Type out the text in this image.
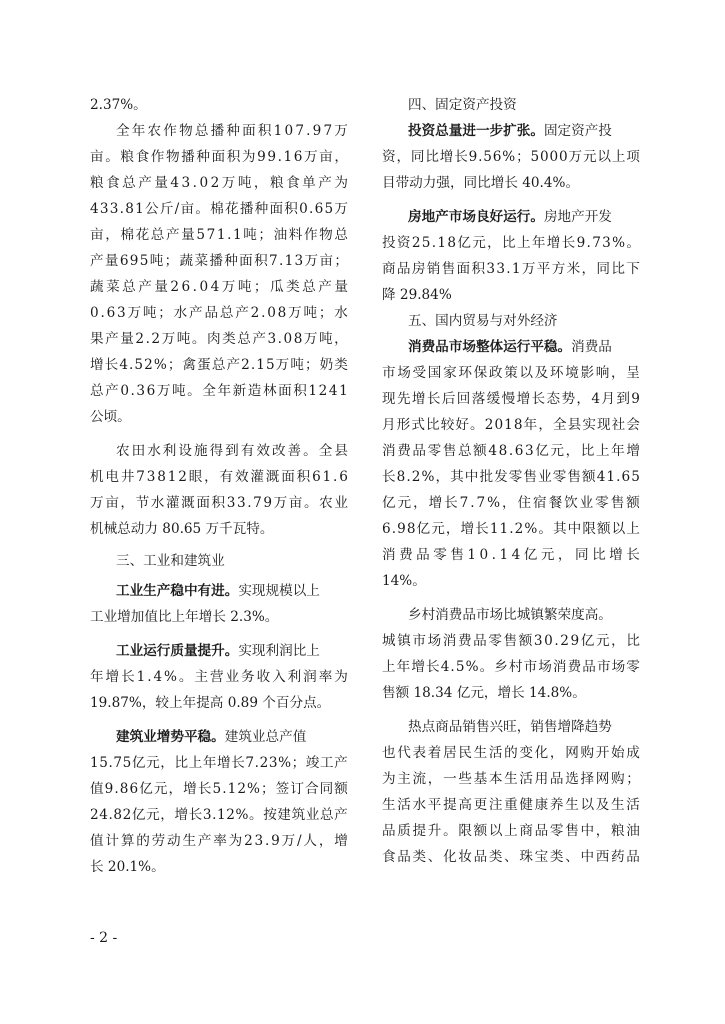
2.37%。
全 年 农 作 物 总 播 种 面 积 1 0 7 . 9 7 万
亩 。 粮 食 作 物 播 种 面 积 为 9 9 . 1 6 万 亩 ，
粮 食 总 产 量 4 3 . 0 2 万 吨 ， 粮 食 单 产 为
4 3 3 . 8 1 公 斤 / 亩 。 棉 花 播 种 面 积 0 . 6 5 万
亩 ， 棉 花 总 产 量 5 7 1 . 1 吨 ； 油 料 作 物 总
产 量 6 9 5 吨 ； 蔬 菜 播 种 面 积 7 . 1 3 万 亩 ；
蔬 菜 总 产 量 2 6 . 0 4 万 吨 ； 瓜 类 总 产 量
0 . 6 3 万 吨 ； 水 产 品 总 产 2 . 0 8 万 吨 ； 水
果 产 量 2 . 2 万 吨 。 肉 类 总 产 3 . 0 8 万 吨 ，
增 长 4 . 5 2 % ； 禽 蛋 总 产 2 . 1 5 万 吨 ； 奶 类
总 产 0 . 3 6 万 吨 。 全 年 新 造 林 面 积 1 2 4 1
公顷。
农 田 水 利 设 施 得 到 有 效 改 善 。 全 县
机 电 井 7 3 8 1 2 眼 ， 有 效 灌 溉 面 积 6 1 . 6
万 亩 ， 节 水 灌 溉 面 积 3 3 . 7 9 万 亩 。 农 业
机械总动力 80.65 万千瓦特。
三、工业和建筑业
工业生产稳中有进。 实现规模以上
工业增加值比上年增长 2.3%。
工业运行质量提升。 实现利润比上
年 增 长 1 . 4 % 。 主 营 业 务 收 入 利 润 率 为
19.87%，较上年提高 0.89 个百分点。
建筑业增势平稳。 建筑业总产值
1 5 . 7 5 亿 元 ， 比 上 年 增 长 7 . 2 3 % ； 竣 工 产
值 9 . 8 6 亿 元 ， 增 长 5 . 1 2 % ； 签 订 合 同 额
2 4 . 8 2 亿 元 ， 增 长 3 . 1 2 % 。 按 建 筑 业 总 产
值 计 算 的 劳 动 生 产 率 为 2 3 . 9 万 / 人 ， 增
长 20.1%。
四、固定资产投资
投资总量进一步扩张。 固定资产投
资 ， 同 比 增 长 9 . 5 6 % ； 5 0 0 0 万 元 以 上 项
目带动力强，同比增长 40.4%。
房地产市场良好运行。 房地产开发
投 资 2 5 . 1 8 亿 元 ， 比 上 年 增 长 9 . 7 3 % 。
商 品 房 销 售 面 积 3 3 . 1 万 平 方 米 ， 同 比 下
降 29.84%
五、国内贸易与对外经济
消费品市场整体运行平稳。 消费品
市 场 受 国 家 环 保 政 策 以 及 环 境 影 响 ， 呈
现 先 增 长 后 回 落 缓 慢 增 长 态 势 ， 4 月 到 9
月 形 式 比 较 好 。 2 0 1 8 年 ， 全 县 实 现 社 会
消 费 品 零 售 总 额 4 8 . 6 3 亿 元 ， 比 上 年 增
长 8 . 2 % ， 其 中 批 发 零 售 业 零 售 额 4 1 . 6 5
亿 元 ， 增 长 7 . 7 % ， 住 宿 餐 饮 业 零 售 额
6 . 9 8 亿 元 ， 增 长 1 1 . 2 % 。 其 中 限 额 以 上
消 费 品 零 售 1 0 . 1 4 亿 元 ， 同 比 增 长
14%。
乡村消费品市场比城镇繁荣度高。
城 镇 市 场 消 费 品 零 售 额 3 0 . 2 9 亿 元 ， 比
上 年 增 长 4 . 5 % 。 乡 村 市 场 消 费 品 市 场 零
售额 18.34 亿元，增长 14.8%。
热点商品销售兴旺，销售增降趋势
也 代 表 着 居 民 生 活 的 变 化 ， 网 购 开 始 成
为 主 流 ， 一 些 基 本 生 活 用 品 选 择 网 购 ；
生 活 水 平 提 高 更 注 重 健 康 养 生 以 及 生 活
品 质 提 升 。 限 额 以 上 商 品 零 售 中 ， 粮 油
食 品 类 、 化 妆 品 类 、 珠 宝 类 、 中 西 药 品
- 2 -
